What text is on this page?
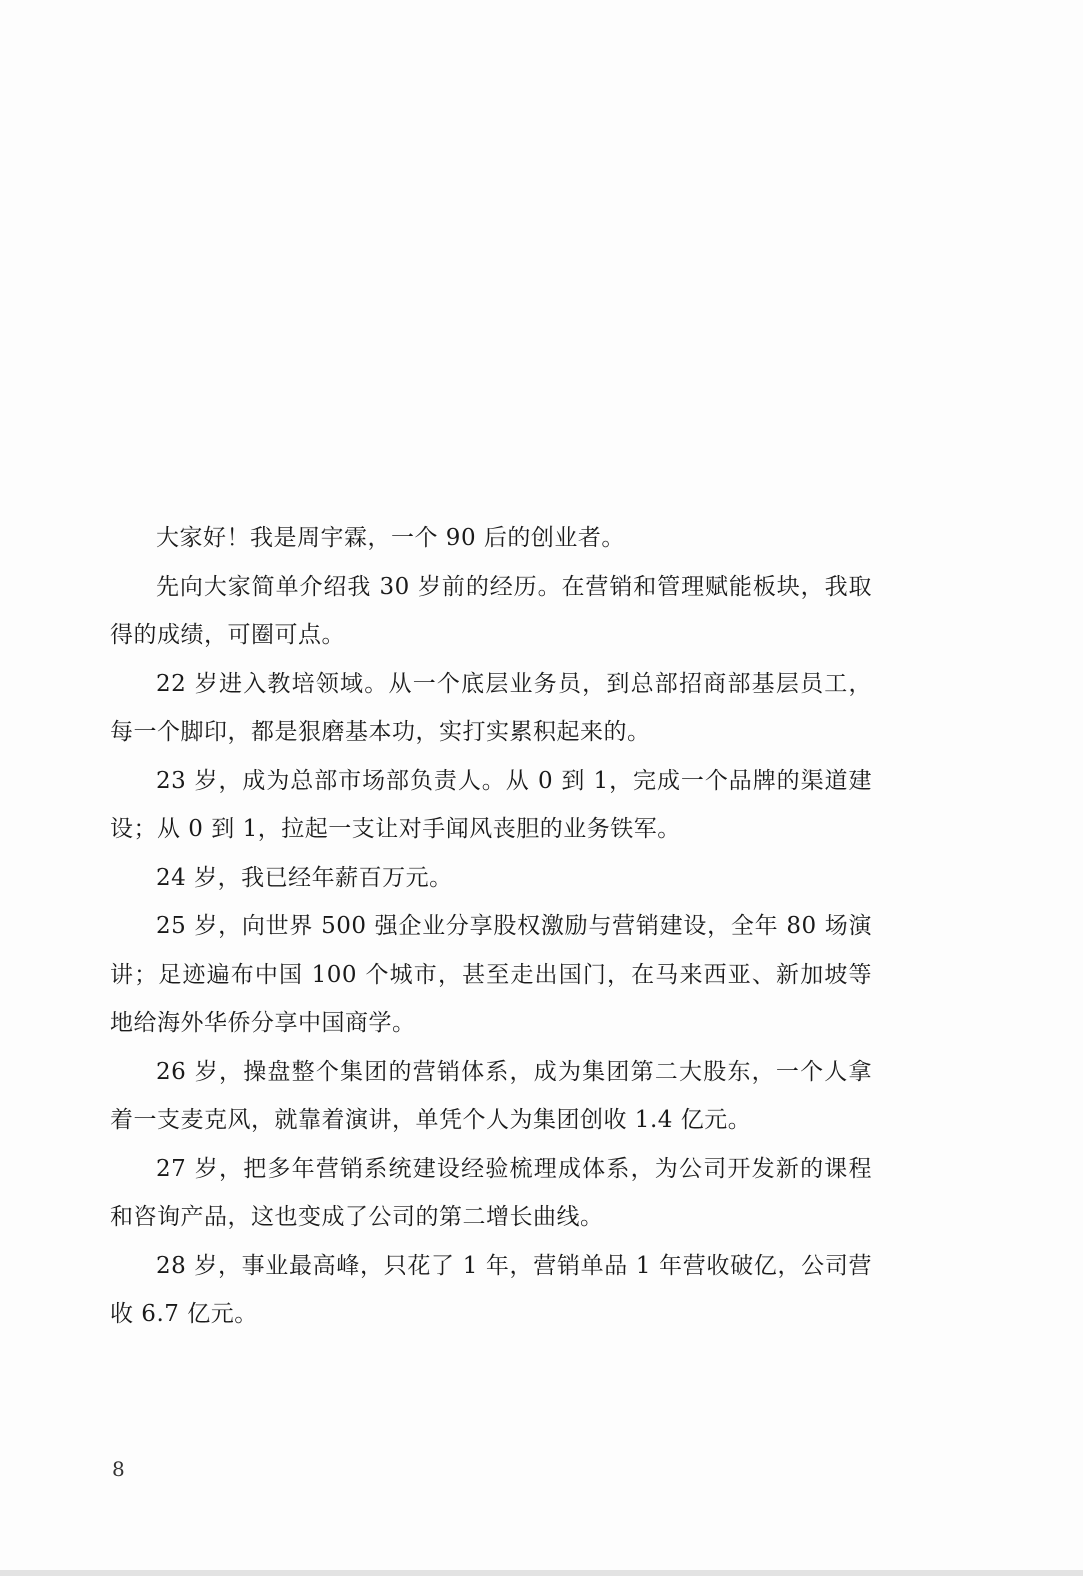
大家好！我是周宇霖，一个 90 后的创业者。

先向大家简单介绍我 30 岁前的经历。在营销和管理赋能板块，我取得的成绩，可圈可点。

22 岁进入教培领域。从一个底层业务员，到总部招商部基层员工，每一个脚印，都是狠磨基本功，实打实累积起来的。

23 岁，成为总部市场部负责人。从 0 到 1，完成一个品牌的渠道建设；从 0 到 1，拉起一支让对手闻风丧胆的业务铁军。

24 岁，我已经年薪百万元。

25 岁，向世界 500 强企业分享股权激励与营销建设，全年 80 场演讲；足迹遍布中国 100 个城市，甚至走出国门，在马来西亚、新加坡等地给海外华侨分享中国商学。

26 岁，操盘整个集团的营销体系，成为集团第二大股东，一个人拿着一支麦克风，就靠着演讲，单凭个人为集团创收 1.4 亿元。

27 岁，把多年营销系统建设经验梳理成体系，为公司开发新的课程和咨询产品，这也变成了公司的第二增长曲线。

28 岁，事业最高峰，只花了 1 年，营销单品 1 年营收破亿，公司营收 6.7 亿元。

8
